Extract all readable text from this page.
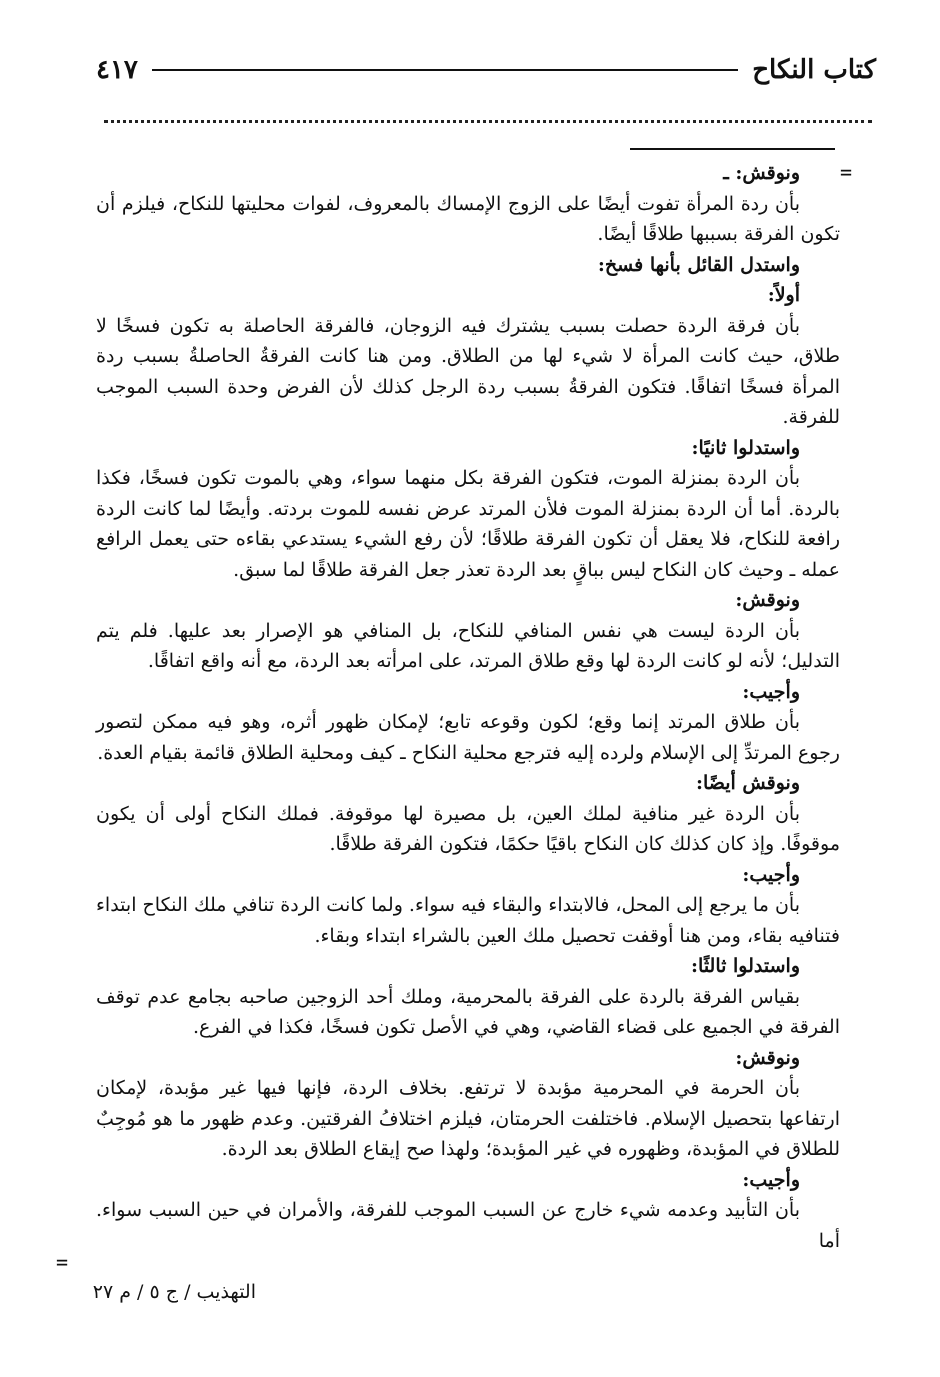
كتاب النكاح
٤١٧
=
=

ونوقش: ـ

بأن ردة المرأة تفوت أيضًا على الزوج الإمساك بالمعروف، لفوات محليتها للنكاح، فيلزم أن تكون الفرقة بسببها طلاقًا أيضًا.

واستدل القائل بأنها فسخ:

أولاً:

بأن فرقة الردة حصلت بسبب يشترك فيه الزوجان، فالفرقة الحاصلة به تكون فسخًا لا طلاق، حيث كانت المرأة لا شيء لها من الطلاق. ومن هنا كانت الفرقةُ الحاصلةُ بسبب ردة المرأة فسخًا اتفاقًا. فتكون الفرقةُ بسبب ردة الرجل كذلك لأن الفرض وحدة السبب الموجب للفرقة.

واستدلوا ثانيًا:

بأن الردة بمنزلة الموت، فتكون الفرقة بكل منهما سواء، وهي بالموت تكون فسخًا، فكذا بالردة. أما أن الردة بمنزلة الموت فلأن المرتد عرض نفسه للموت بردته. وأيضًا لما كانت الردة رافعة للنكاح، فلا يعقل أن تكون الفرقة طلاقًا؛ لأن رفع الشيء يستدعي بقاءه حتى يعمل الرافع عمله ـ وحيث كان النكاح ليس بباقٍ بعد الردة تعذر جعل الفرقة طلاقًا لما سبق.

ونوقش:

بأن الردة ليست هي نفس المنافي للنكاح، بل المنافي هو الإصرار بعد عليها. فلم يتم التدليل؛ لأنه لو كانت الردة لها وقع طلاق المرتد، على امرأته بعد الردة، مع أنه واقع اتفاقًا.

وأجيب:

بأن طلاق المرتد إنما وقع؛ لكون وقوعه تابع؛ لإمكان ظهور أثره، وهو فيه ممكن لتصور رجوع المرتدِّ إلى الإسلام ولرده إليه فترجع محلية النكاح ـ كيف ومحلية الطلاق قائمة بقيام العدة.

ونوقش أيضًا:

بأن الردة غير منافية لملك العين، بل مصيرة لها موقوفة. فملك النكاح أولى أن يكون موقوفًا. وإذ كان كذلك كان النكاح باقيًا حكمًا، فتكون الفرقة طلاقًا.

وأجيب:

بأن ما يرجع إلى المحل، فالابتداء والبقاء فيه سواء. ولما كانت الردة تنافي ملك النكاح ابتداء فتنافيه بقاء، ومن هنا أوقفت تحصيل ملك العين بالشراء ابتداء وبقاء.

واستدلوا ثالثًا:

بقياس الفرقة بالردة على الفرقة بالمحرمية، وملك أحد الزوجين صاحبه بجامع عدم توقف الفرقة في الجميع على قضاء القاضي، وهي في الأصل تكون فسخًا، فكذا في الفرع.

ونوقش:

بأن الحرمة في المحرمية مؤبدة لا ترتفع. بخلاف الردة، فإنها فيها غير مؤبدة، لإمكان ارتفاعها بتحصيل الإسلام. فاختلفت الحرمتان، فيلزم اختلافُ الفرقتين. وعدم ظهور ما هو مُوجِبٌ للطلاق في المؤبدة، وظهوره في غير المؤبدة؛ ولهذا صح إيقاع الطلاق بعد الردة.

وأجيب:

بأن التأبيد وعدمه شيء خارج عن السبب الموجب للفرقة، والأمران في حين السبب سواء. أما

التهذيب / ج ٥ / م ٢٧
